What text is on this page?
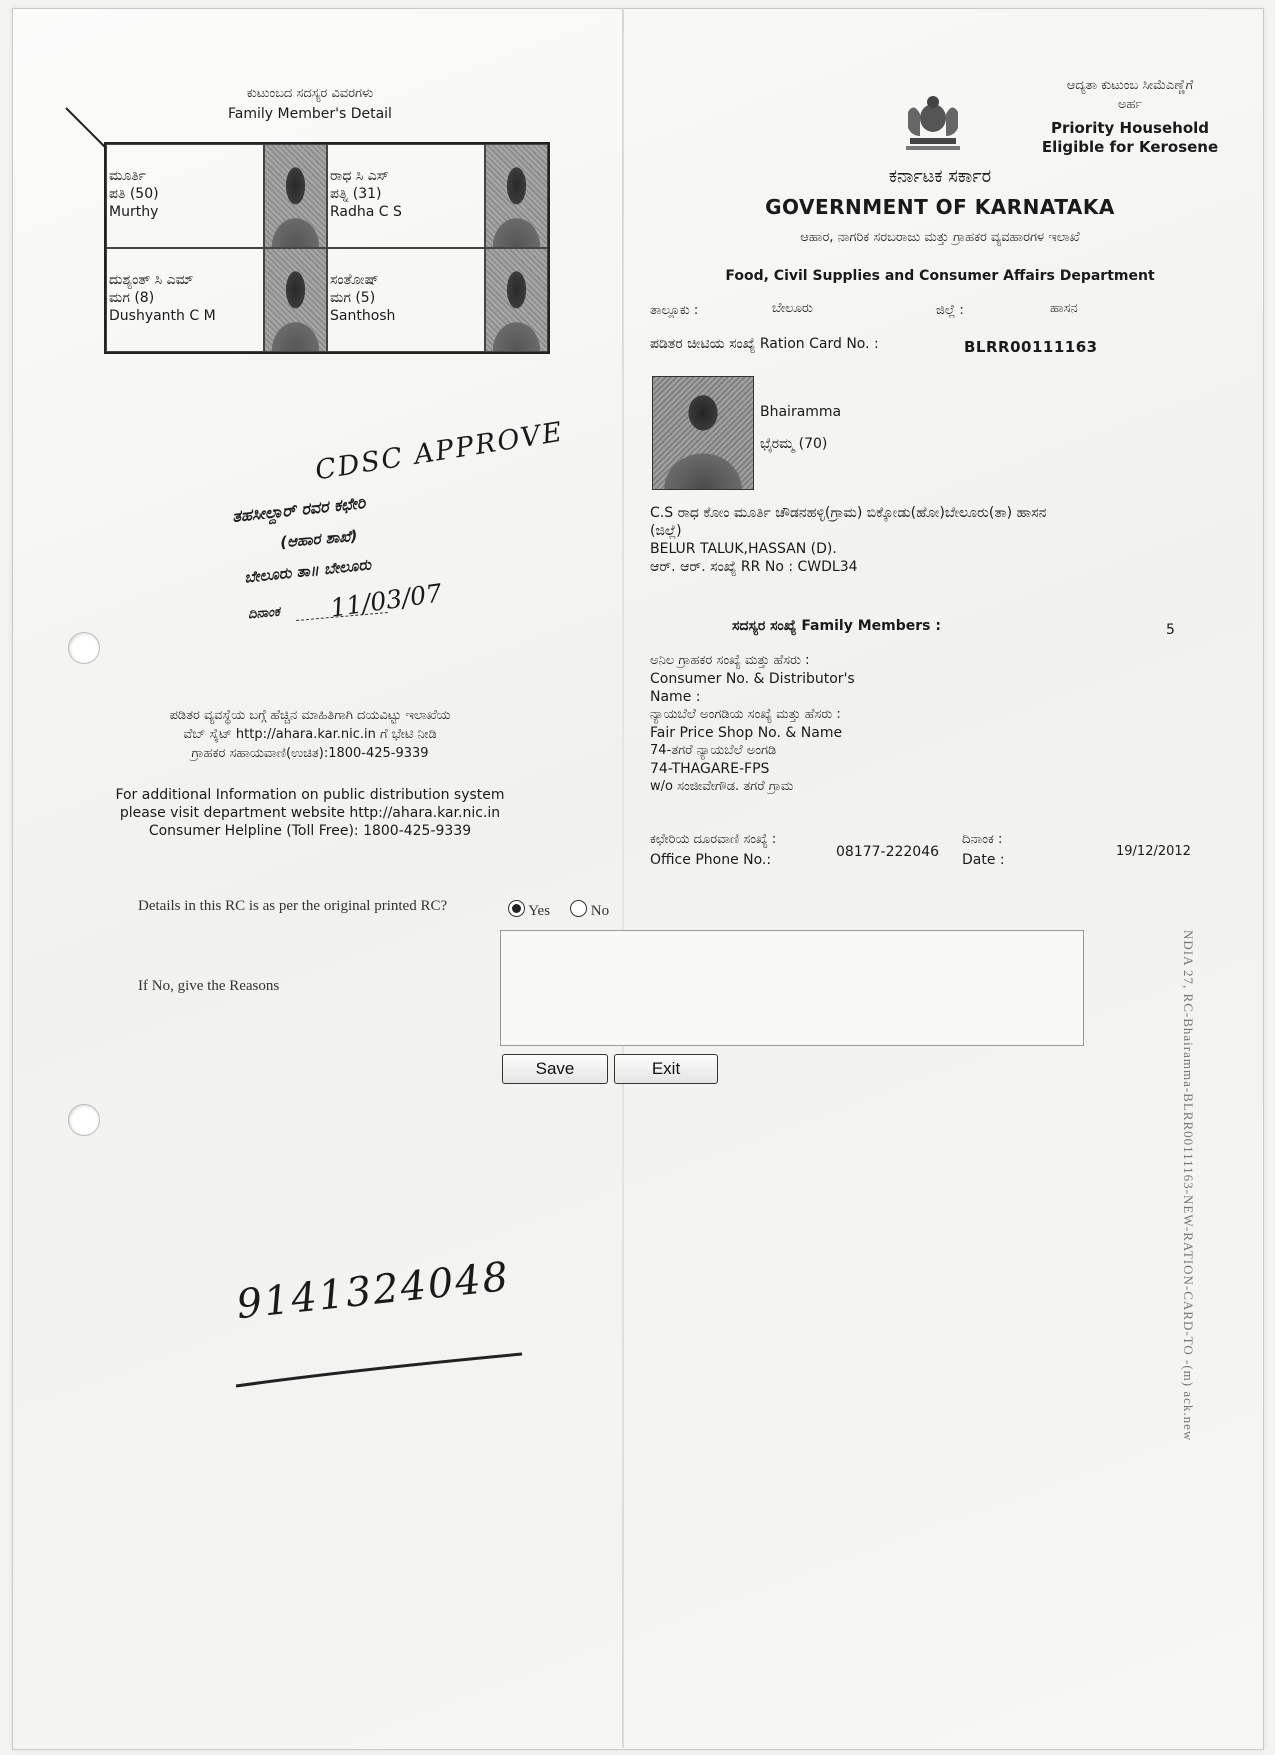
ಕುಟುಂಬದ ಸದಸ್ಯರ ವಿವರಗಳು
Family Member's Detail
ಮೂರ್ತಿ
ಪತಿ (50)
Murthy
ರಾಧ ಸಿ ಎಸ್
ಪತ್ನಿ (31)
Radha C S
ದುಶ್ಯಂತ್ ಸಿ ಎಮ್
ಮಗ (8)
Dushyanth C M
ಸಂತೋಷ್
ಮಗ (5)
Santhosh
CDSC APPROVE
ತಹಸೀಲ್ದಾರ್ ರವರ ಕಛೇರಿ
(ಆಹಾರ ಶಾಖೆ)
ಬೇಲೂರು ತಾ॥ ಬೇಲೂರು
ದಿನಾಂಕ 11/03/07
ಪಡಿತರ ವ್ಯವಸ್ಥೆಯ ಬಗ್ಗೆ ಹೆಚ್ಚಿನ ಮಾಹಿತಿಗಾಗಿ ದಯವಿಟ್ಟು ಇಲಾಖೆಯ
ವೆಬ್ ಸೈಟ್ http://ahara.kar.nic.in ಗೆ ಭೇಟಿ ನೀಡಿ
ಗ್ರಾಹಕರ ಸಹಾಯವಾಣಿ(ಉಚಿತ):1800-425-9339
For additional Information on public distribution system
please visit department website http://ahara.kar.nic.in
Consumer Helpline (Toll Free): 1800-425-9339
9141324048
ಆದ್ಯತಾ ಕುಟುಂಬ ಸೀಮೆಎಣ್ಣೆಗೆ
ಅರ್ಹ
Priority Household
Eligible for Kerosene
ಕರ್ನಾಟಕ ಸರ್ಕಾರ
GOVERNMENT OF KARNATAKA
ಆಹಾರ, ನಾಗರಿಕ ಸರಬರಾಜು ಮತ್ತು ಗ್ರಾಹಕರ ವ್ಯವಹಾರಗಳ ಇಲಾಖೆ
Food, Civil Supplies and Consumer Affairs Department
ತಾಲ್ಲೂಕು :	ಬೇಲೂರು	ಜಿಲ್ಲೆ :	ಹಾಸನ
ಪಡಿತರ ಚೀಟಿಯ ಸಂಖ್ಯೆ Ration Card No. :	BLRR00111163
Bhairamma
ಭೈರಮ್ಮ (70)
C.S ರಾಧ ಕೋಂ ಮೂರ್ತಿ ಚೌಡನಹಳ್ಳಿ(ಗ್ರಾಮ) ಬಿಕ್ಕೋಡು(ಹೋ)ಬೇಲೂರು(ತಾ) ಹಾಸನ
(ಜಿಲ್ಲೆ)
BELUR TALUK,HASSAN (D).
ಆರ್. ಆರ್. ಸಂಖ್ಯೆ RR No : CWDL34
ಸದಸ್ಯರ ಸಂಖ್ಯೆ Family Members :	5
ಅನಿಲ ಗ್ರಾಹಕರ ಸಂಖ್ಯೆ ಮತ್ತು ಹೆಸರು :
Consumer No. & Distributor's
Name :
ನ್ಯಾಯಬೆಲೆ ಅಂಗಡಿಯ ಸಂಖ್ಯೆ ಮತ್ತು ಹೆಸರು :
Fair Price Shop No. & Name
74-ತಗರೆ ನ್ಯಾಯಬೆಲೆ ಅಂಗಡಿ
74-THAGARE-FPS
w/o ಸಂಜೀವೇಗೌಡ. ತಗರೆ ಗ್ರಾಮ
ಕಛೇರಿಯ ದೂರವಾಣಿ ಸಂಖ್ಯೆ :
Office Phone No.:	08177-222046
ದಿನಾಂಕ :
Date :
19/12/2012
Details in this RC is as per the original printed RC?	Yes	No
If No, give the Reasons
Save	Exit	NDIA 27, RC-Bhairamma-BLRR00111163-NEW-RATION-CARD-TO -(m) ack.new
